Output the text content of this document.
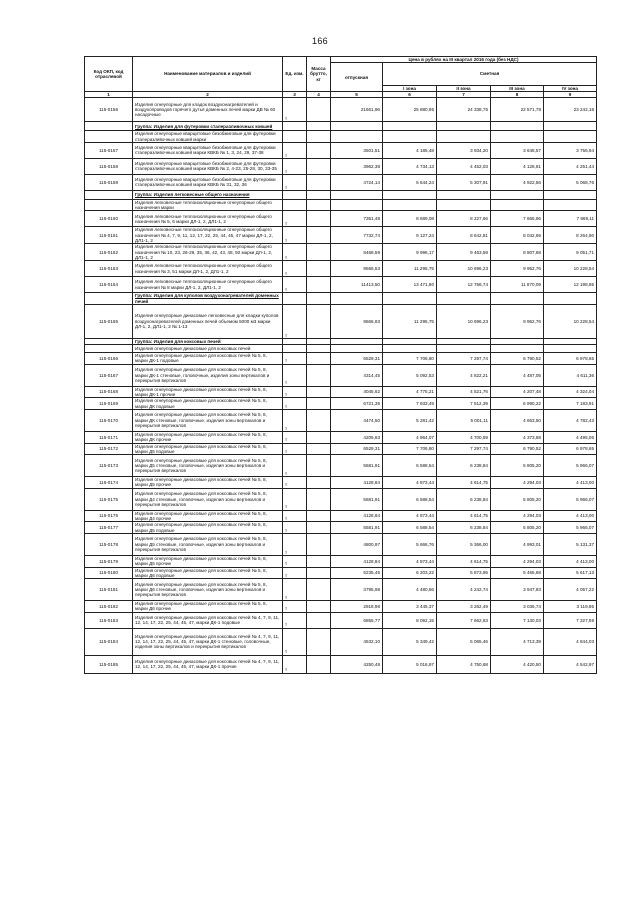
166
Код ОКП, код отраслевой	Наименование материалов и изделий	Ед. изм.	Масса брутто, кг	Цена в рублях на III квартал 2016 года (без НДС)				
				отпускная	Сметная			
					I зона	II зона	III зона	IV зона
1	2	3	4	5	6	7	8	9
115-0156	Изделия огнеупорные для кладок воздухонагревателей и воздухопроводов горячего дутья доменных печей марки ДВ № 60 насадочные	т		21661,96	25 880,95	24 338,75	22 571,78	23 242,18
	Группа: Изделия для футеровки сталеразливочных ковшей							
	Изделия огнеупорные кварцитовые безобжиговые для футеровки сталеразливочных ковшей марки							
115-0157	Изделия огнеупорные кварцитовые безобжиговые для футеровки сталеразливочных ковшей марки КВКБ № 1, 3, 24, 29, 37-38	т		3501,51	4 185,48	3 934,20	3 648,57	3 756,94
115-0158	Изделия огнеупорные кварцитовые безобжиговые для футеровки сталеразливочных ковшей марки КВКБ № 2, 4-23, 25-28, 30, 33-35	т		3962,38	4 734,13	4 452,03	4 128,81	4 251,44
115-0159	Изделия огнеупорные кварцитовые безобжиговые для футеровки сталеразливочных ковшей марки КВКБ № 31, 32, 36	т		4724,14	5 644,24	5 307,91	4 922,56	5 068,76
	Группа: Изделия легковесные общего назначения							
	Изделия легковесные теплоизоляционные огнеупорные общего назначения марки							
115-0160	Изделия легковесные теплоизоляционные огнеупорные общего назначения № 5, 6 марки ДЛ-1, 2, ДЛ1-1, 2	т		7361,48	8 689,08	8 227,66	7 665,96	7 869,11
115-0161	Изделия легковесные теплоизоляционные огнеупорные общего назначения № 4, 7, 9, 11, 12, 17, 22, 25, 44, 45, 47 марки ДЛ-1, 2, ДЛ1-1, 2	т		7732,74	9 127,24	8 642,81	8 042,69	8 264,90
115-0162	Изделия легковесные теплоизоляционные огнеупорные общего назначения № 10, 23, 26-29, 35, 36, 42, 43, 48, 50 марки ДЛ-1, 2, ДЛ1-1, 2	т		8468,59	9 996,17	9 463,59	8 807,68	9 051,71
115-0163	Изделия легковесные теплоизоляционные огнеупорные общего назначения № 3, 51 марки ДЛ-1, 2, ДЛ1-1, 2	т		9566,53	11 295,75	10 696,23	9 952,76	10 228,54
115-0164	Изделия легковесные теплоизоляционные огнеупорные общего назначения № 8 марки ДЛ-1, 2, ДЛ1-1, 2	т		11413,50	13 471,80	12 758,74	11 870,09	12 198,95
	Группа: Изделия для куполов воздухонагревателей доменных печей							
115-0165	Изделия огнеупорные динасовые легковесные для кладки куполов воздухонагревателей доменных печей объемом 5000 м3 марки ДЛ-1, 2, ДЛ1-1, 2 № 1-13	т		9566,93	11 295,75	10 696,23	9 952,76	10 228,54
	Группа: Изделия для коксовых печей							
	Изделия огнеупорные динасовые для коксовых печей							
115-0166	Изделия огнеупорные динасовые для коксовых печей № 5, 8, марки ДК-1 подовые	т		6529,31	7 706,80	7 297,74	6 790,52	6 978,65
115-0167	Изделия огнеупорные динасовые для коксовых печей № 5, 8, марки ДК-1 стеновые, головочные, изделия зоны вертикалов и перекрытия вертикалов	т		4314,45	5 092,53	4 822,21	4 487,05	4 611,36
115-0168	Изделия огнеупорные динасовые для коксовых печей № 5, 8, марки ДК-1 прочие	т		4045,62	4 775,21	4 521,76	4 207,48	4 324,04
115-0169	Изделия огнеупорные динасовые для коксовых печей № 5, 8, марки ДК подовые	т		6721,35	7 933,49	7 512,39	6 990,22	7 183,91
115-0170	Изделия огнеупорные динасовые для коксовых печей № 5, 8, марки ДК стеновые, головочные, изделия зоны вертикалов и перекрытия вертикалов	т		4474,50	5 281,42	5 001,11	4 653,50	4 782,43
115-0171	Изделия огнеупорные динасовые для коксовых печей № 5, 8, марки ДК прочие	т		4205,63	4 964,07	4 700,59	4 373,88	4 495,06
115-0172	Изделия огнеупорные динасовые для коксовых печей № 5, 8, марки Д5 подовые	т		6529,31	7 706,80	7 297,74	6 790,52	6 978,65
115-0173	Изделия огнеупорные динасовые для коксовых печей № 5, 8, марки Д5 стеновые, головочные, изделия зоны вертикалов и перекрытия вертикалов	т		5581,91	6 588,54	6 238,84	5 805,20	5 966,07
115-0174	Изделия огнеупорные динасовые для коксовых печей № 5, 8, марки Д5 прочие	т		4128,84	4 873,44	4 614,75	4 294,03	4 413,00
115-0175	Изделия огнеупорные динасовые для коксовых печей № 5, 8, марки Д4 стеновые, головочные, изделия зоны вертикалов и перекрытия вертикалов	т		5581,91	6 588,54	6 238,84	5 805,20	5 966,07
115-0176	Изделия огнеупорные динасовые для коксовых печей № 5, 8, марки Д4 прочие	т		4128,84	4 873,44	4 614,75	4 294,03	4 413,00
115-0177	Изделия огнеупорные динасовые для коксовых печей № 5, 8, марки Д5 подовые	т		5581,91	6 588,54	6 238,84	5 805,20	5 966,07
115-0178	Изделия огнеупорные динасовые для коксовых печей № 5, 8, марки Д5 стеновые, головочные, изделия зоны вертикалов и перекрытия вертикалов	т		4800,97	5 666,76	5 366,00	4 993,01	5 131,37
115-0179	Изделия огнеупорные динасовые для коксовых печей № 5, 8, марки Д5 прочие	т		4128,84	4 873,44	4 614,75	4 294,03	4 413,00
115-0180	Изделия огнеупорные динасовые для коксовых печей № 5, 8, марки Д6 подовые	т		5235,45	6 203,22	5 873,95	5 465,68	5 617,13
115-0181	Изделия огнеупорные динасовые для коксовых печей № 5, 8, марки Д6 стеновые, головочные, изделия зоны вертикалов и перекрытия вертикалов	т		3795,98	4 480,56	4 242,74	3 947,83	4 057,22
115-0182	Изделия огнеупорные динасовые для коксовых печей № 5, 8, марки Д6 прочие	т		2918,98	3 445,37	3 262,49	3 035,74	3 119,85
115-0183	Изделия огнеупорные динасовые для коксовых печей № 4, 7, 9, 11, 12, 14, 17, 22, 25, 44, 45, 47, марки ДК-1 подовые	т		6855,77	8 092,15	7 662,63	7 130,03	7 327,59
115-0184	Изделия огнеупорные динасовые для коксовых печей № 4, 7, 9, 11, 12, 14, 17, 22, 25, 44, 45, 47, марки ДК-1 стеновые, головочные, изделия зоны вертикалов и перекрытия вертикалов	т		4532,10	5 349,42	5 065,46	4 713,39	4 844,03
115-0185	Изделия огнеупорные динасовые для коксовых печей № 4, 7, 9, 11, 12, 14, 17, 22, 25, 44, 45, 47, марки ДК-1 прочие	т		4250,48	5 016,97	4 750,68	4 420,50	4 542,97
